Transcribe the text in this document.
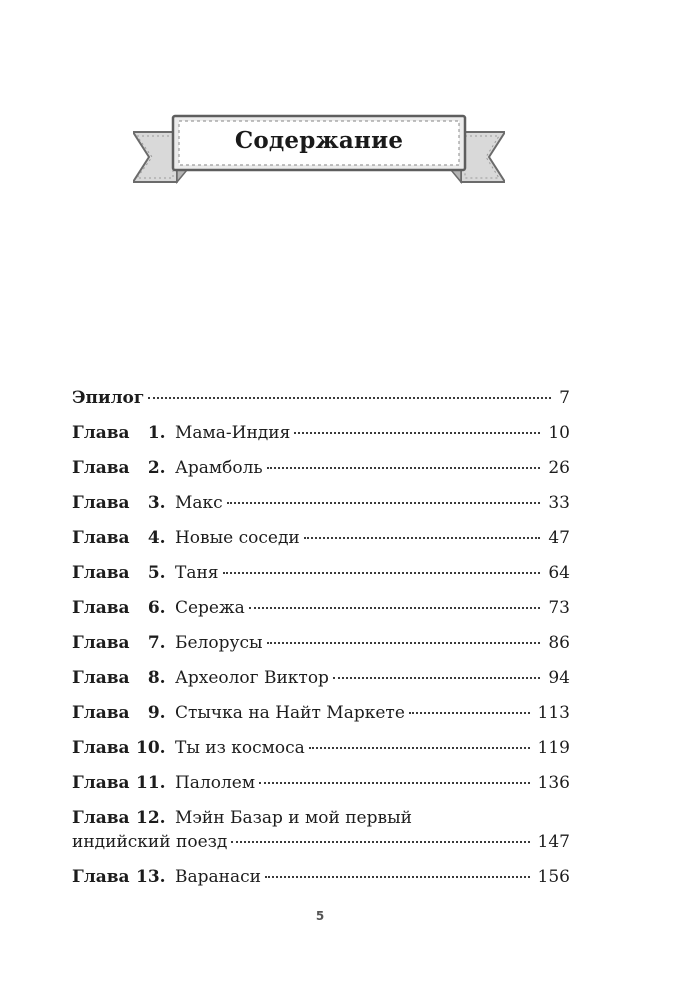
Содержание
Эпилог	7
Глава 1. Мама-Индия	10
Глава 2. Арамболь	26
Глава 3. Макс	33
Глава 4. Новые соседи	47
Глава 5. Таня	64
Глава 6. Сережа	73
Глава 7. Белорусы	86
Глава 8. Археолог Виктор	94
Глава 9. Стычка на Найт Маркете	113
Глава 10. Ты из космоса	119
Глава 11. Палолем	136
Глава 12. Мэйн Базар и мой первый
индийский поезд	147
Глава 13. Варанаси	156
5
